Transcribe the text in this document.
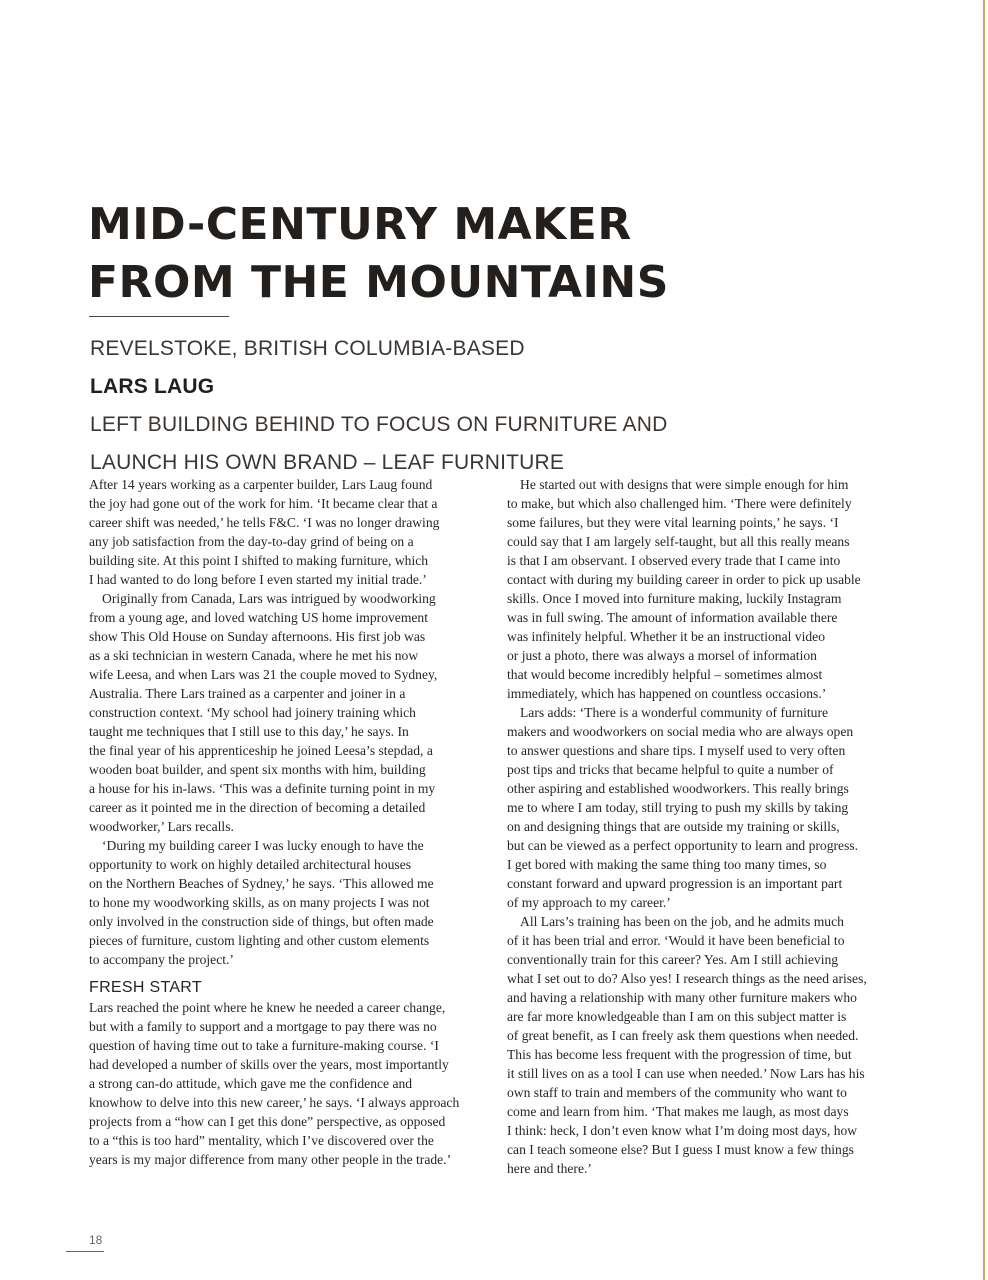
MID-CENTURY MAKER
FROM THE MOUNTAINS
REVELSTOKE, BRITISH COLUMBIA-BASED
LARS LAUG
LEFT BUILDING BEHIND TO FOCUS ON FURNITURE AND
LAUNCH HIS OWN BRAND – LEAF FURNITURE

After 14 years working as a carpenter builder, Lars Laug found
the joy had gone out of the work for him. ‘It became clear that a
career shift was needed,’ he tells F&C. ‘I was no longer drawing
any job satisfaction from the day-to-day grind of being on a
building site. At this point I shifted to making furniture, which
I had wanted to do long before I even started my initial trade.’

Originally from Canada, Lars was intrigued by woodworking
from a young age, and loved watching US home improvement
show This Old House on Sunday afternoons. His first job was
as a ski technician in western Canada, where he met his now
wife Leesa, and when Lars was 21 the couple moved to Sydney,
Australia. There Lars trained as a carpenter and joiner in a
construction context. ‘My school had joinery training which
taught me techniques that I still use to this day,’ he says. In
the final year of his apprenticeship he joined Leesa’s stepdad, a
wooden boat builder, and spent six months with him, building
a house for his in-laws. ‘This was a definite turning point in my
career as it pointed me in the direction of becoming a detailed
woodworker,’ Lars recalls.

‘During my building career I was lucky enough to have the
opportunity to work on highly detailed architectural houses
on the Northern Beaches of Sydney,’ he says. ‘This allowed me
to hone my woodworking skills, as on many projects I was not
only involved in the construction side of things, but often made
pieces of furniture, custom lighting and other custom elements
to accompany the project.’

FRESH START

Lars reached the point where he knew he needed a career change,
but with a family to support and a mortgage to pay there was no
question of having time out to take a furniture-making course. ‘I
had developed a number of skills over the years, most importantly
a strong can-do attitude, which gave me the confidence and
knowhow to delve into this new career,’ he says. ‘I always approach
projects from a “how can I get this done” perspective, as opposed
to a “this is too hard” mentality, which I’ve discovered over the
years is my major difference from many other people in the trade.’

He started out with designs that were simple enough for him
to make, but which also challenged him. ‘There were definitely
some failures, but they were vital learning points,’ he says. ‘I
could say that I am largely self-taught, but all this really means
is that I am observant. I observed every trade that I came into
contact with during my building career in order to pick up usable
skills. Once I moved into furniture making, luckily Instagram
was in full swing. The amount of information available there
was infinitely helpful. Whether it be an instructional video
or just a photo, there was always a morsel of information
that would become incredibly helpful – sometimes almost
immediately, which has happened on countless occasions.’

Lars adds: ‘There is a wonderful community of furniture
makers and woodworkers on social media who are always open
to answer questions and share tips. I myself used to very often
post tips and tricks that became helpful to quite a number of
other aspiring and established woodworkers. This really brings
me to where I am today, still trying to push my skills by taking
on and designing things that are outside my training or skills,
but can be viewed as a perfect opportunity to learn and progress.
I get bored with making the same thing too many times, so
constant forward and upward progression is an important part
of my approach to my career.’

All Lars’s training has been on the job, and he admits much
of it has been trial and error. ‘Would it have been beneficial to
conventionally train for this career? Yes. Am I still achieving
what I set out to do? Also yes! I research things as the need arises,
and having a relationship with many other furniture makers who
are far more knowledgeable than I am on this subject matter is
of great benefit, as I can freely ask them questions when needed.
This has become less frequent with the progression of time, but
it still lives on as a tool I can use when needed.’ Now Lars has his
own staff to train and members of the community who want to
come and learn from him. ‘That makes me laugh, as most days
I think: heck, I don’t even know what I’m doing most days, how
can I teach someone else? But I guess I must know a few things
here and there.’

18
